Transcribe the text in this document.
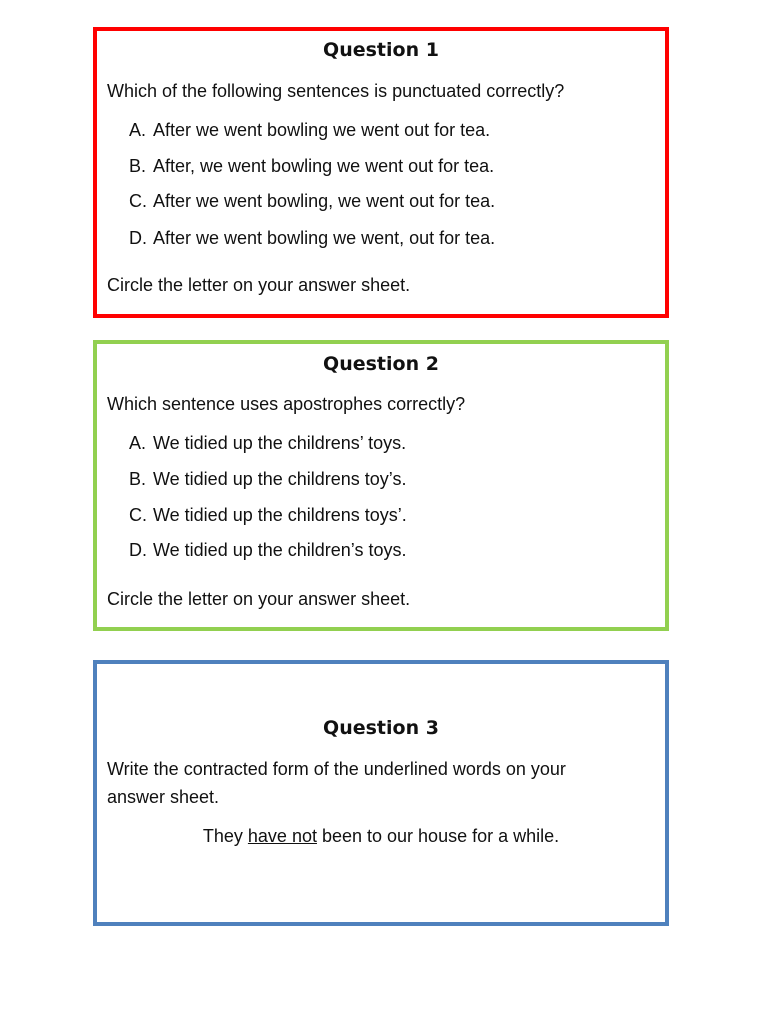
Question 1
Which of the following sentences is punctuated correctly?
A. After we went bowling we went out for tea.
B. After, we went bowling we went out for tea.
C. After we went bowling, we went out for tea.
D. After we went bowling we went, out for tea.
Circle the letter on your answer sheet.
Question 2
Which sentence uses apostrophes correctly?
A. We tidied up the childrens’ toys.
B. We tidied up the childrens toy’s.
C. We tidied up the childrens toys’.
D. We tidied up the children’s toys.
Circle the letter on your answer sheet.
Question 3
Write the contracted form of the underlined words on your
answer sheet.
They have not been to our house for a while.
